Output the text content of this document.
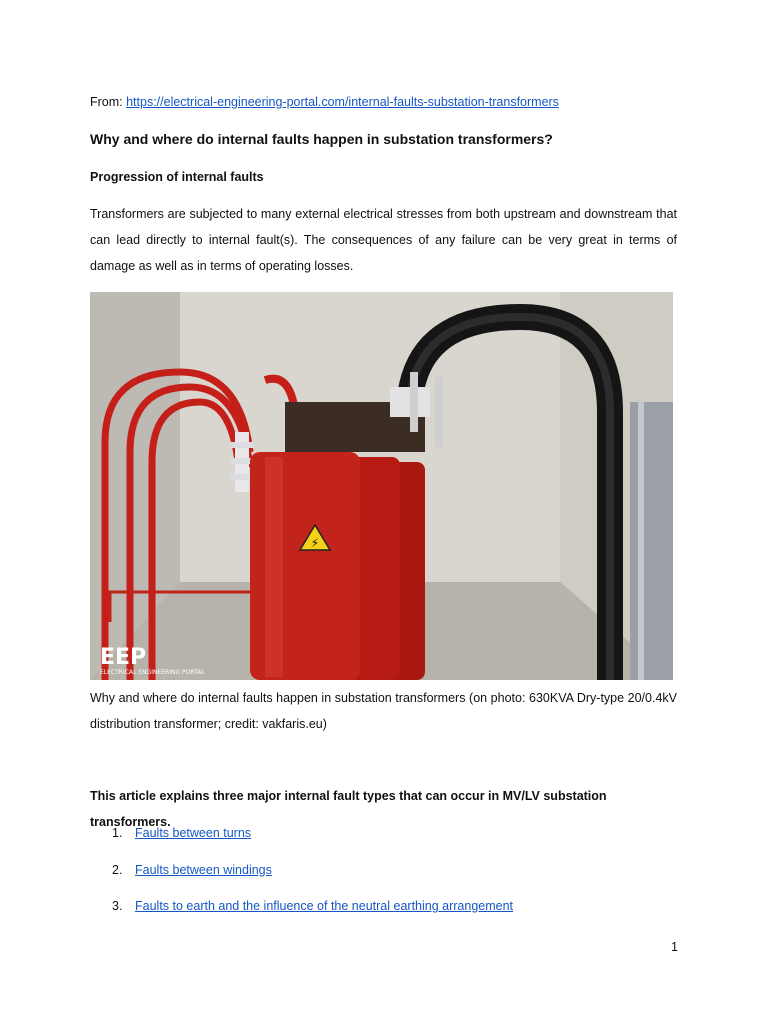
From: https://electrical-engineering-portal.com/internal-faults-substation-transformers
Why and where do internal faults happen in substation transformers?
Progression of internal faults
Transformers are subjected to many external electrical stresses from both upstream and downstream that can lead directly to internal fault(s). The consequences of any failure can be very great in terms of damage as well as in terms of operating losses.
⚡
EEP
ELECTRICAL ENGINEERING PORTAL
Why and where do internal faults happen in substation transformers (on photo: 630KVA Dry-type 20/0.4kV distribution transformer; credit: vakfaris.eu)
This article explains three major internal fault types that can occur in MV/LV substation transformers.
1.	Faults between turns
2.	Faults between windings
3.	Faults to earth and the influence of the neutral earthing arrangement
1
